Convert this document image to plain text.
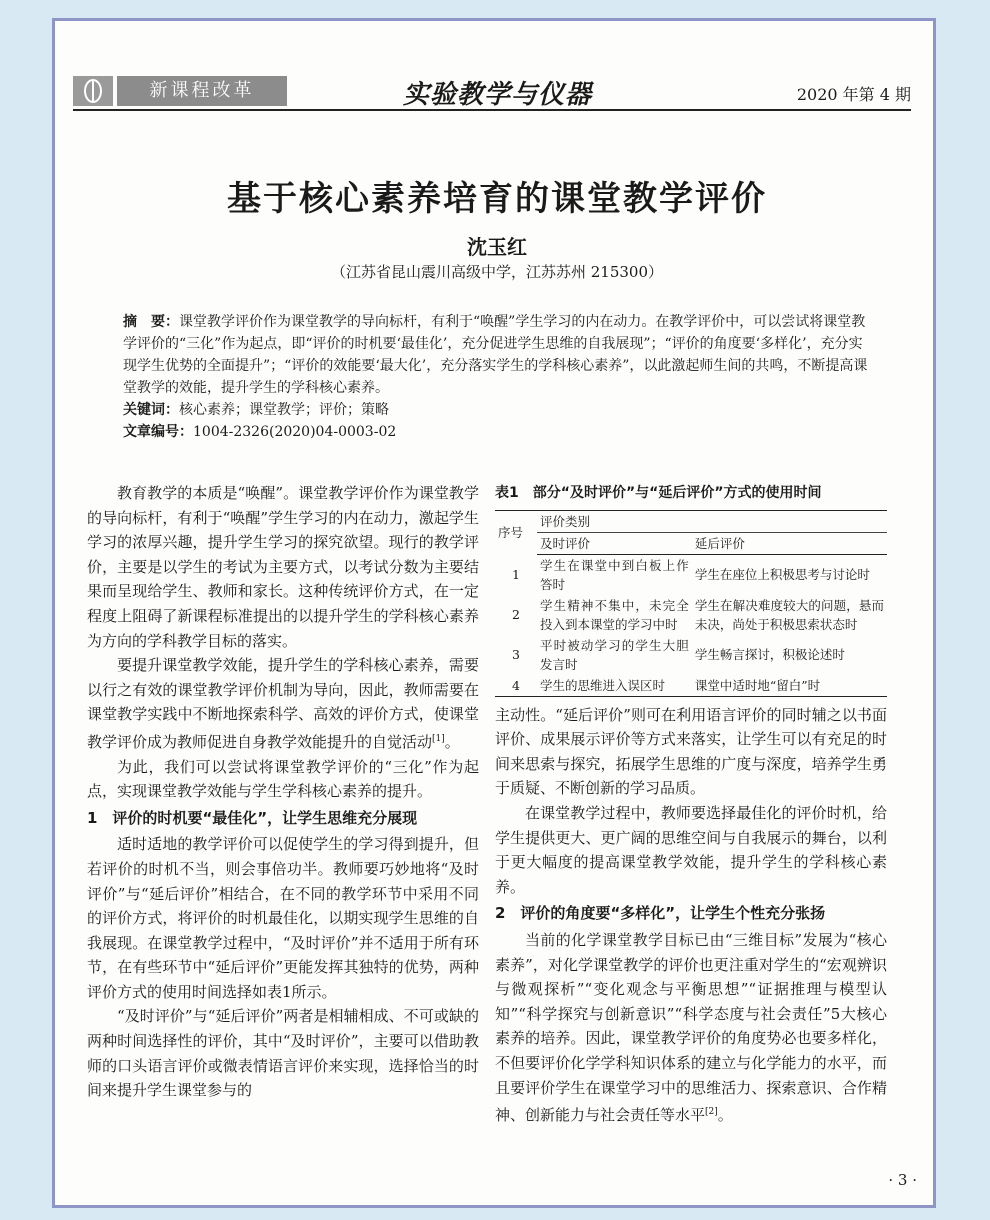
新课程改革	实验教学与仪器	2020 年第 4 期
基于核心素养培育的课堂教学评价
沈玉红
（江苏省昆山震川高级中学，江苏苏州 215300）

摘　要：课堂教学评价作为课堂教学的导向标杆，有利于“唤醒”学生学习的内在动力。在教学评价中，可以尝试将课堂教学评价的“三化”作为起点，即“评价的时机要‘最佳化’，充分促进学生思维的自我展现”；“评价的角度要‘多样化’，充分实现学生优势的全面提升”；“评价的效能要‘最大化’，充分落实学生的学科核心素养”，以此激起师生间的共鸣，不断提高课堂教学的效能，提升学生的学科核心素养。

关键词：核心素养；课堂教学；评价；策略

文章编号：1004-2326(2020)04-0003-02

教育教学的本质是“唤醒”。课堂教学评价作为课堂教学的导向标杆，有利于“唤醒”学生学习的内在动力，激起学生学习的浓厚兴趣，提升学生学习的探究欲望。现行的教学评价，主要是以学生的考试为主要方式，以考试分数为主要结果而呈现给学生、教师和家长。这种传统评价方式，在一定程度上阻碍了新课程标准提出的以提升学生的学科核心素养为方向的学科教学目标的落实。

要提升课堂教学效能，提升学生的学科核心素养，需要以行之有效的课堂教学评价机制为导向，因此，教师需要在课堂教学实践中不断地探索科学、高效的评价方式，使课堂教学评价成为教师促进自身教学效能提升的自觉活动[1]。

为此，我们可以尝试将课堂教学评价的“三化”作为起点，实现课堂教学效能与学生学科核心素养的提升。

1　评价的时机要“最佳化”，让学生思维充分展现

适时适地的教学评价可以促使学生的学习得到提升，但若评价的时机不当，则会事倍功半。教师要巧妙地将“及时评价”与“延后评价”相结合，在不同的教学环节中采用不同的评价方式，将评价的时机最佳化，以期实现学生思维的自我展现。在课堂教学过程中，“及时评价”并不适用于所有环节，在有些环节中“延后评价”更能发挥其独特的优势，两种评价方式的使用时间选择如表1所示。

“及时评价”与“延后评价”两者是相辅相成、不可或缺的两种时间选择性的评价，其中“及时评价”，主要可以借助教师的口头语言评价或微表情语言评价来实现，选择恰当的时间来提升学生课堂参与的

表1　部分“及时评价”与“延后评价”方式的使用时间
序号	评价类别	
	及时评价	延后评价
1	学生在课堂中到白板上作答时	学生在座位上积极思考与讨论时
2	学生精神不集中，未完全投入到本课堂的学习中时	学生在解决难度较大的问题，悬而未决，尚处于积极思索状态时
3	平时被动学习的学生大胆发言时	学生畅言探讨，积极论述时
4	学生的思维进入误区时	课堂中适时地“留白”时

主动性。“延后评价”则可在利用语言评价的同时辅之以书面评价、成果展示评价等方式来落实，让学生可以有充足的时间来思索与探究，拓展学生思维的广度与深度，培养学生勇于质疑、不断创新的学习品质。

在课堂教学过程中，教师要选择最佳化的评价时机，给学生提供更大、更广阔的思维空间与自我展示的舞台，以利于更大幅度的提高课堂教学效能，提升学生的学科核心素养。

2　评价的角度要“多样化”，让学生个性充分张扬

当前的化学课堂教学目标已由“三维目标”发展为“核心素养”，对化学课堂教学的评价也更注重对学生的“宏观辨识与微观探析”“变化观念与平衡思想”“证据推理与模型认知”“科学探究与创新意识”“科学态度与社会责任”5大核心素养的培养。因此，课堂教学评价的角度势必也要多样化，不但要评价化学学科知识体系的建立与化学能力的水平，而且要评价学生在课堂学习中的思维活力、探索意识、合作精神、创新能力与社会责任等水平[2]。

· 3 ·
